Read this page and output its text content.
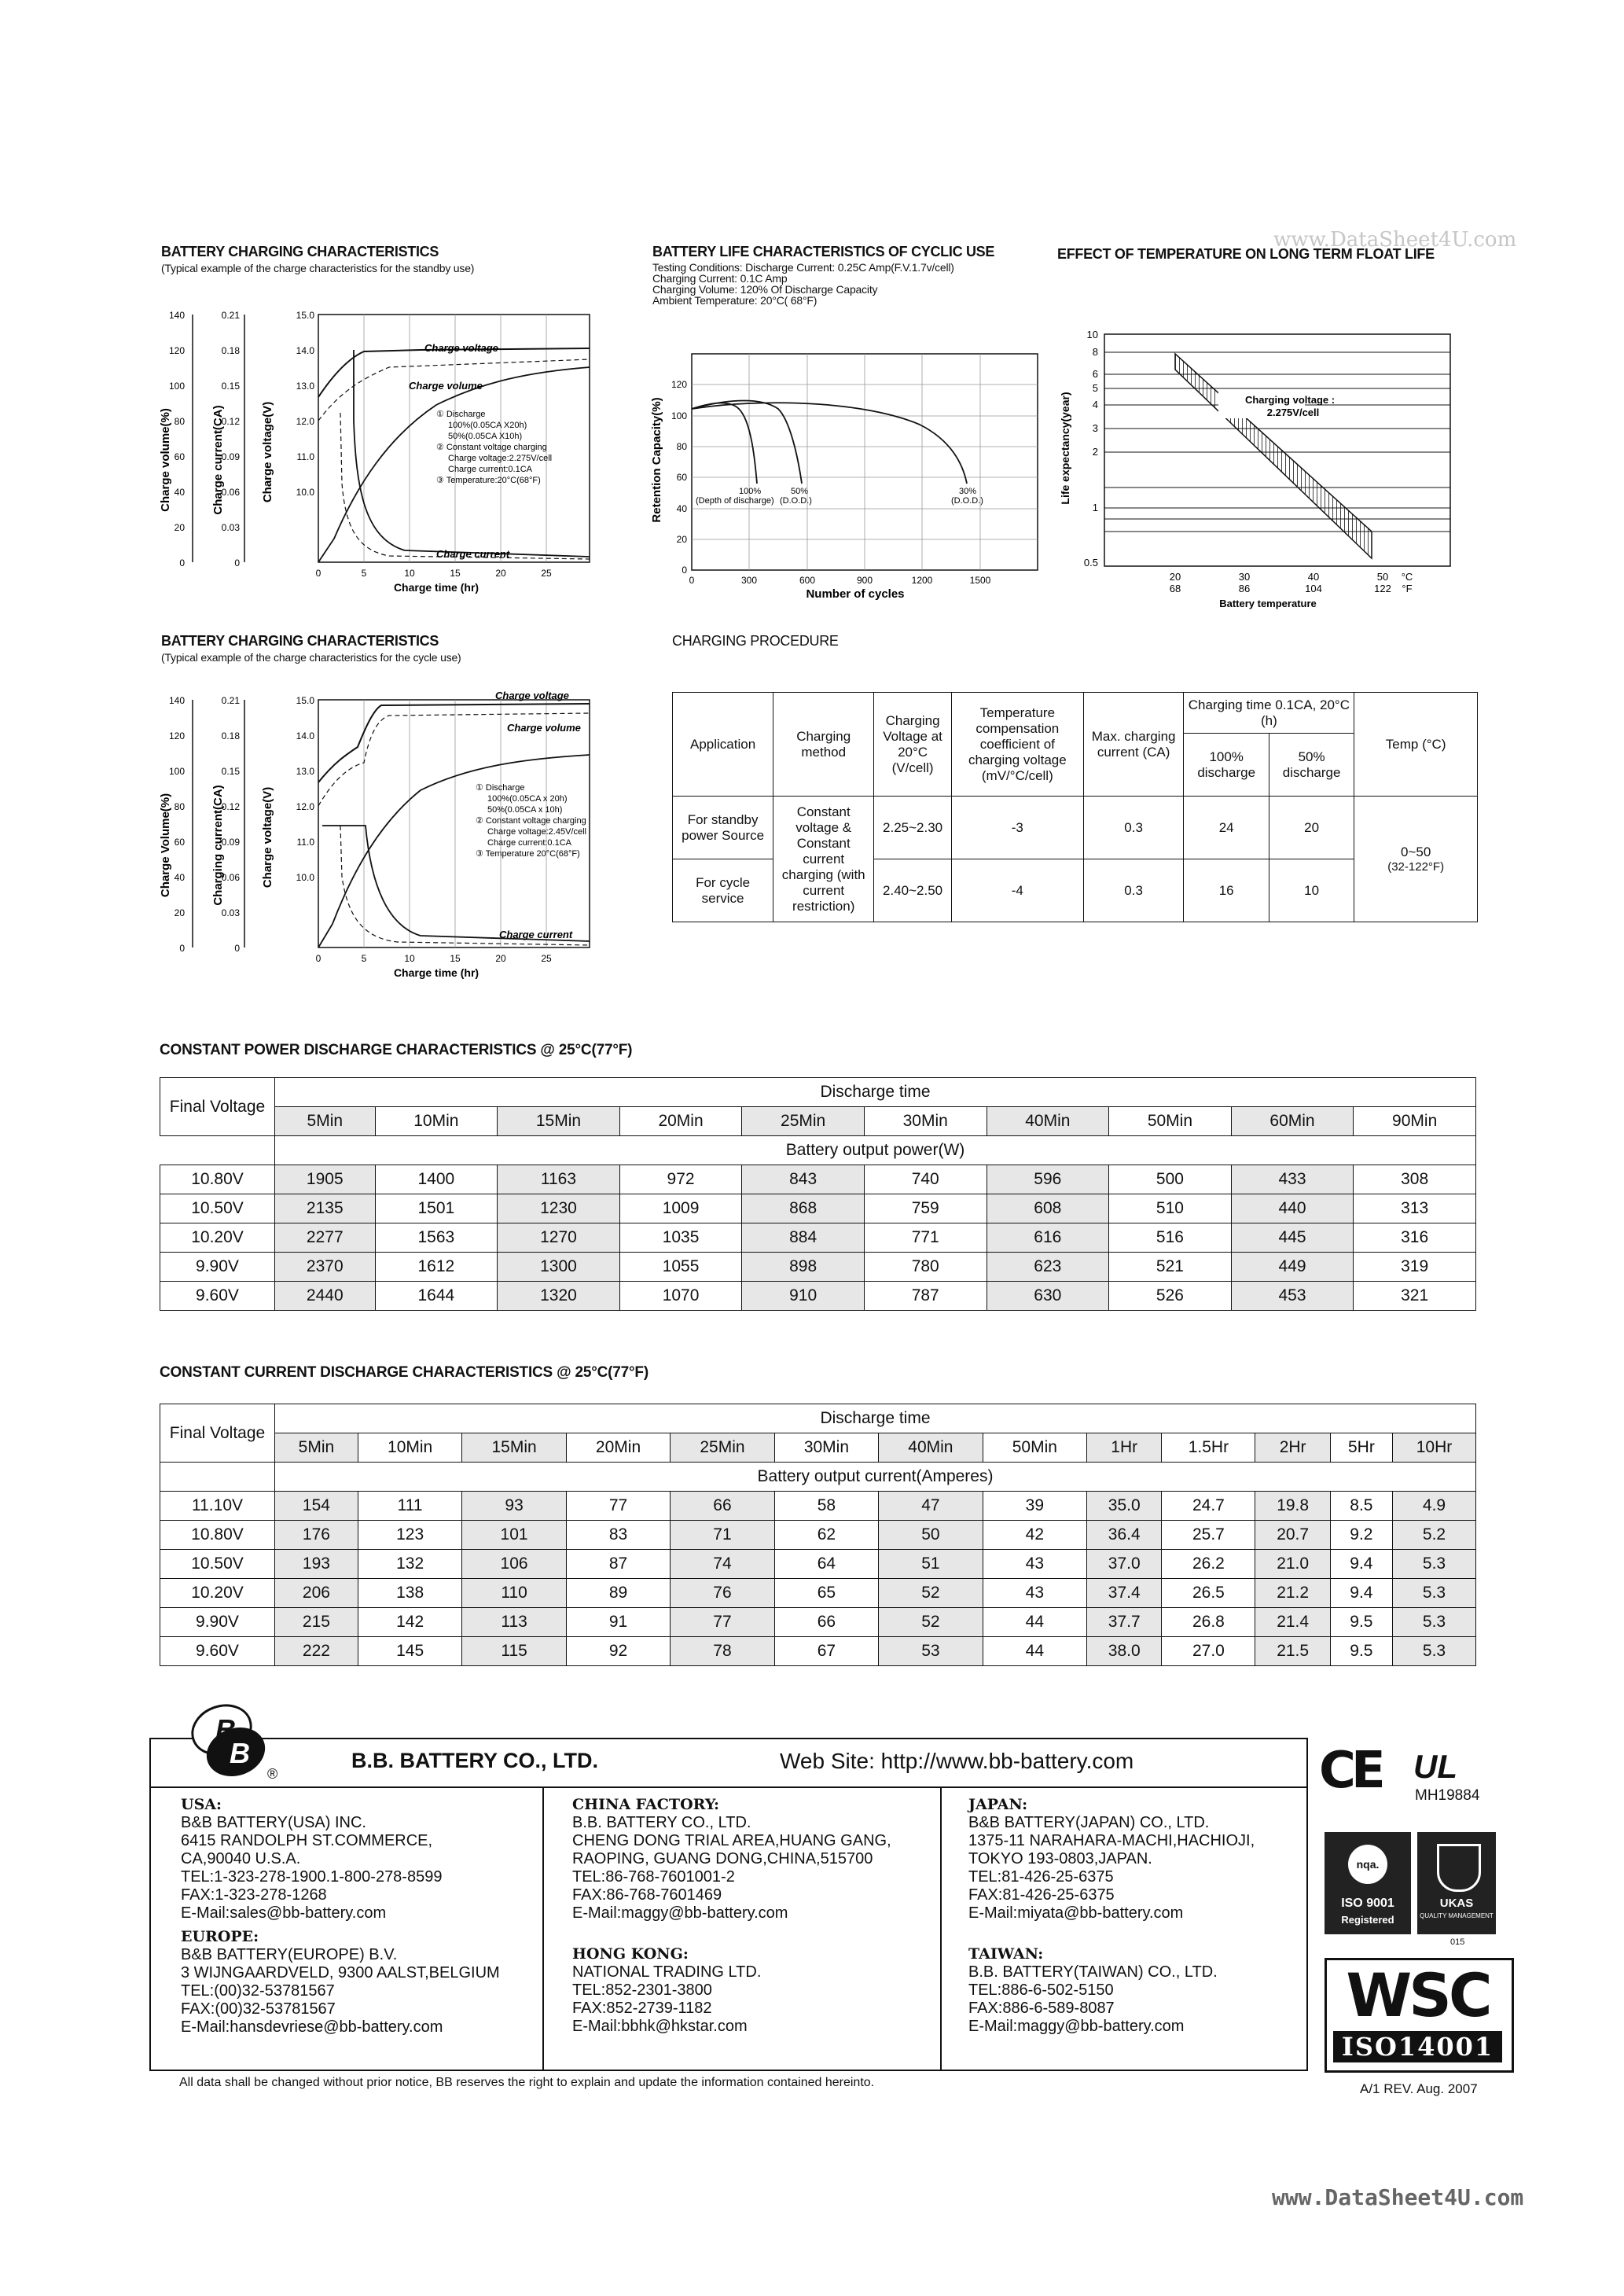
www.DataSheet4U.com
www.DataSheet4U.com
BATTERY CHARGING CHARACTERISTICS
(Typical example of the charge characteristics for the standby use)
Charge volume(%)	Charge current(CA)	Charge voltage(V)
140
120
100
80
60
40
20
0
0.21
0.18
0.15
0.12
0.09
0.06
0.03
0
15.0
14.0
13.0
12.0
11.0
10.0
Charge voltage
Charge volume
Charge current
① Discharge
100%(0.05CA X20h)
50%(0.05CA X10h)
② Constant voltage charging
Charge voltage:2.275V/cell
Charge current:0.1CA
③ Temperature:20°C(68°F)
0	5	10	15	20	25
Charge time (hr)
BATTERY LIFE CHARACTERISTICS OF CYCLIC USE
Testing Conditions: Discharge Current: 0.25C Amp(F.V.1.7v/cell)
Charging Current: 0.1C Amp
Charging Volume: 120% Of Discharge Capacity
Ambient Temperature: 20°C( 68°F)
Retention Capacity(%)
120
100
80
60
40
20
0
100%
(Depth of discharge)
50%
(D.O.D.)
30%
(D.O.D.)
0	300	600	900	1200	1500
Number of cycles
EFFECT OF TEMPERATURE ON LONG TERM FLOAT LIFE
Life expectancy(year)
10
8
6
5
4
3
2
1
0.5
Charging voltage :
2.275V/cell
20	30	40	50 °C
68	86	104	122 °F
Battery temperature
BATTERY CHARGING CHARACTERISTICS
(Typical example of the charge characteristics for the cycle use)
Charge Volume(%)	Charging current(CA)	Charge voltage(V)
140
120
100
80
60
40
20
0
0.21
0.18
0.15
0.12
0.09
0.06
0.03
0
15.0
14.0
13.0
12.0
11.0
10.0
Charge voltage
Charge volume
Charge current
① Discharge
100%(0.05CA x 20h)
50%(0.05CA x 10h)
② Constant voltage charging
Charge voltage:2.45V/cell
Charge current:0.1CA
③ Temperature 20°C(68°F)
0	5	10	15	20	25
Charge time (hr)
CHARGING PROCEDURE
Application	Charging method	Charging Voltage at 20°C (V/cell)	Temperature compensation coefficient of charging voltage (mV/°C/cell)	Max. charging current (CA)	Charging time 0.1CA, 20°C (h)		Temp (°C)
					100% discharge	50% discharge	
For standby power Source	Constant voltage & Constant current charging (with current restriction)	2.25~2.30	-3	0.3	24	20	0~50
(32-122°F)

For cycle service		2.40~2.50	-4	0.3	16	10	
CONSTANT POWER DISCHARGE CHARACTERISTICS @ 25°C(77°F)
Final Voltage	Discharge time									
	5Min	10Min	15Min	20Min	25Min	30Min	40Min	50Min	60Min	90Min
	Battery output power(W)									
10.80V	1905	1400	1163	972	843	740	596	500	433	308
10.50V	2135	1501	1230	1009	868	759	608	510	440	313
10.20V	2277	1563	1270	1035	884	771	616	516	445	316
9.90V	2370	1612	1300	1055	898	780	623	521	449	319
9.60V	2440	1644	1320	1070	910	787	630	526	453	321
CONSTANT CURRENT DISCHARGE CHARACTERISTICS @ 25°C(77°F)
Final Voltage	Discharge time												
	5Min	10Min	15Min	20Min	25Min	30Min	40Min	50Min	1Hr	1.5Hr	2Hr	5Hr	10Hr
	Battery output current(Amperes)												
11.10V	154	111	93	77	66	58	47	39	35.0	24.7	19.8	8.5	4.9
10.80V	176	123	101	83	71	62	50	42	36.4	25.7	20.7	9.2	5.2
10.50V	193	132	106	87	74	64	51	43	37.0	26.2	21.0	9.4	5.3
10.20V	206	138	110	89	76	65	52	43	37.4	26.5	21.2	9.4	5.3
9.90V	215	142	113	91	77	66	52	44	37.7	26.8	21.4	9.5	5.3
9.60V	222	145	115	92	78	67	53	44	38.0	27.0	21.5	9.5	5.3
B
B
®
B.B. BATTERY CO., LTD.	Web Site: http://www.bb-battery.com
USA:
B&B BATTERY(USA) INC.
6415 RANDOLPH ST.COMMERCE,
CA,90040 U.S.A.
TEL:1-323-278-1900.1-800-278-8599
FAX:1-323-278-1268
E-Mail:sales@bb-battery.com
EUROPE:
B&B BATTERY(EUROPE) B.V.
3 WIJNGAARDVELD, 9300 AALST,BELGIUM
TEL:(00)32-53781567
FAX:(00)32-53781567
E-Mail:hansdevriese@bb-battery.com
CHINA FACTORY:
B.B. BATTERY CO., LTD.
CHENG DONG TRIAL AREA,HUANG GANG,
RAOPING, GUANG DONG,CHINA,515700
TEL:86-768-7601001-2
FAX:86-768-7601469
E-Mail:maggy@bb-battery.com
HONG KONG:
NATIONAL TRADING LTD.
TEL:852-2301-3800
FAX:852-2739-1182
E-Mail:bbhk@hkstar.com
JAPAN:
B&B BATTERY(JAPAN) CO., LTD.
1375-11 NARAHARA-MACHI,HACHIOJI,
TOKYO 193-0803,JAPAN.
TEL:81-426-25-6375
FAX:81-426-25-6375
E-Mail:miyata@bb-battery.com
TAIWAN:
B.B. BATTERY(TAIWAN) CO., LTD.
TEL:886-6-502-5150
FAX:886-6-589-8087
E-Mail:maggy@bb-battery.com
All data shall be changed without prior notice, BB reserves the right to explain and update the information contained hereinto.	A/1 REV. Aug. 2007
CE UL
MH19884
nqa.
ISO 9001
Registered
UKAS
QUALITY MANAGEMENT
015
WSC
ISO14001
